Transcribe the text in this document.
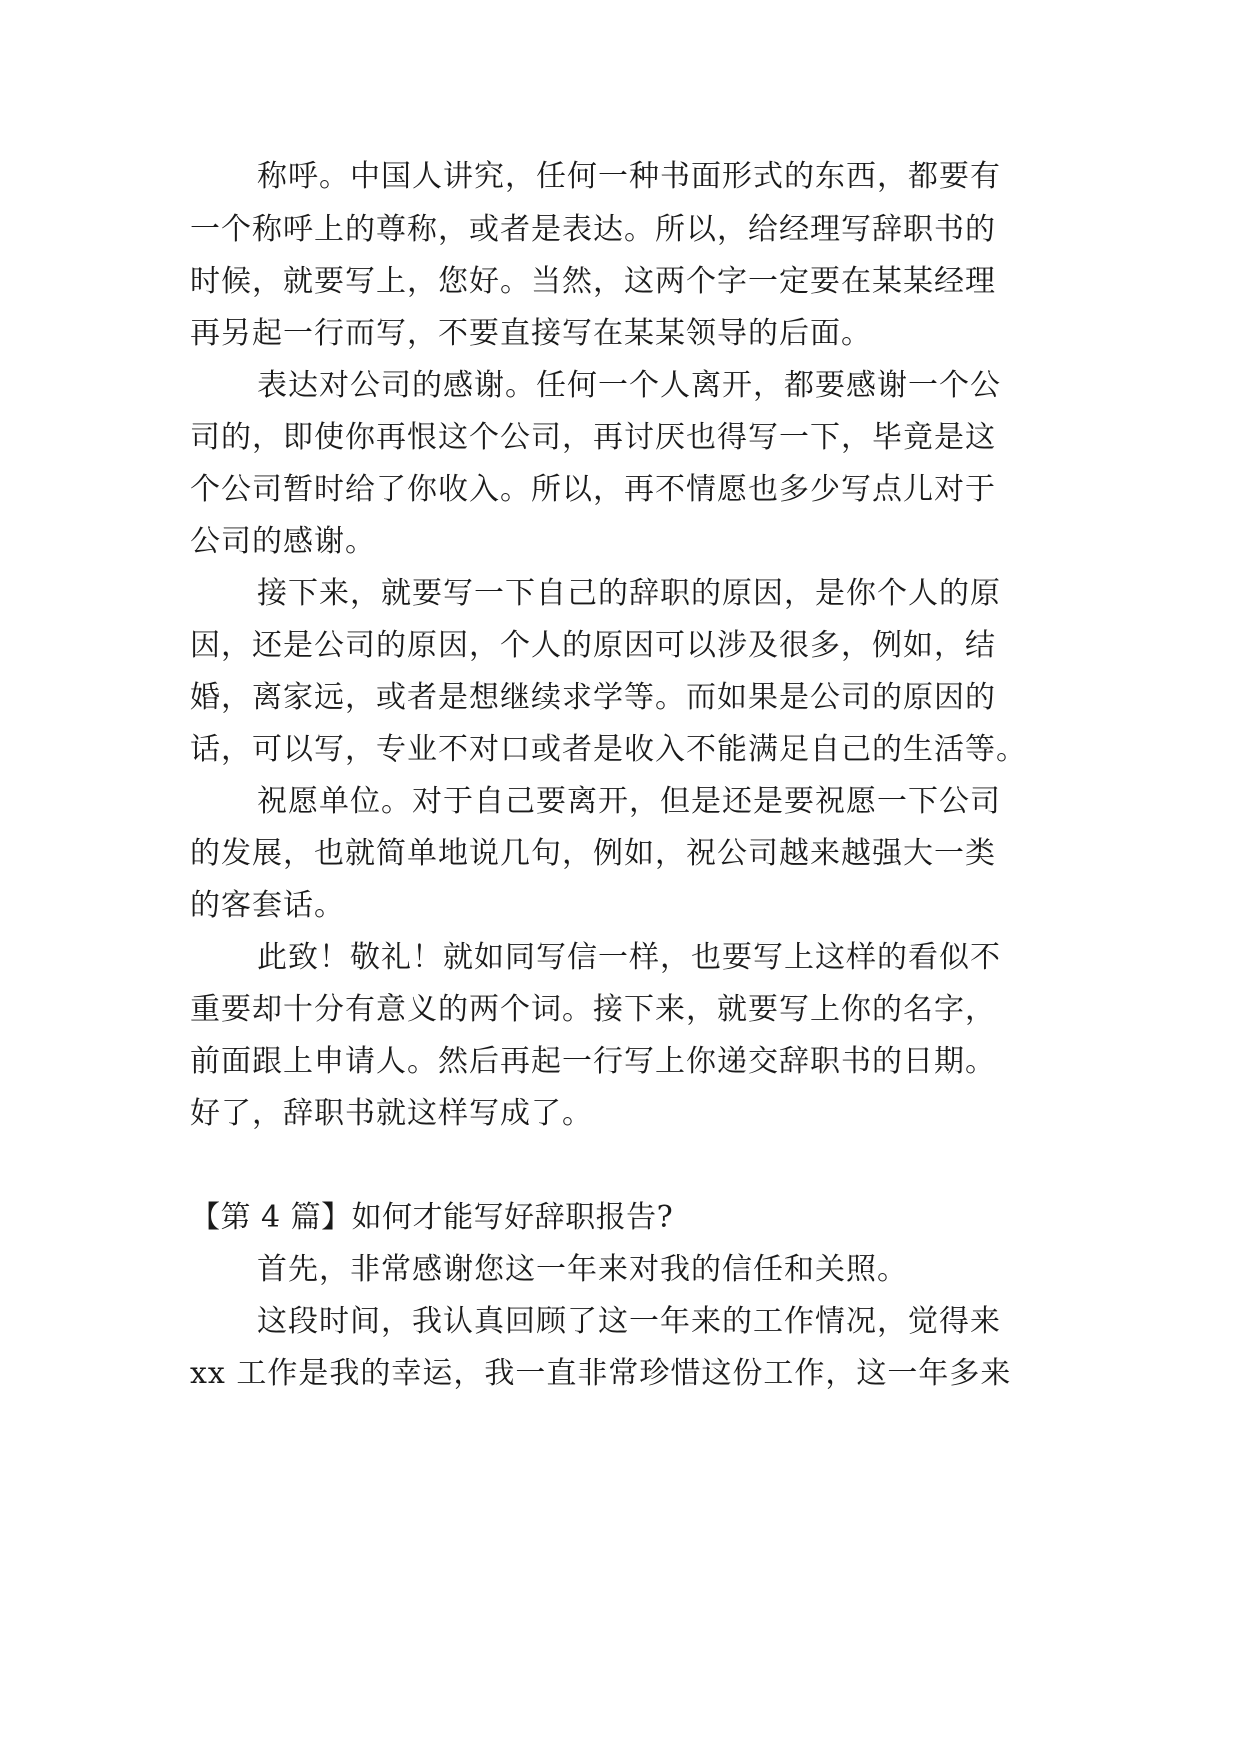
称呼。中国人讲究，任何一种书面形式的东西，都要有

一个称呼上的尊称，或者是表达。所以，给经理写辞职书的

时候，就要写上，您好。当然，这两个字一定要在某某经理

再另起一行而写，不要直接写在某某领导的后面。

表达对公司的感谢。任何一个人离开，都要感谢一个公

司的，即使你再恨这个公司，再讨厌也得写一下，毕竟是这

个公司暂时给了你收入。所以，再不情愿也多少写点儿对于

公司的感谢。

接下来，就要写一下自己的辞职的原因，是你个人的原

因，还是公司的原因，个人的原因可以涉及很多，例如，结

婚，离家远，或者是想继续求学等。而如果是公司的原因的

话，可以写，专业不对口或者是收入不能满足自己的生活等。

祝愿单位。对于自己要离开，但是还是要祝愿一下公司

的发展，也就简单地说几句，例如，祝公司越来越强大一类

的客套话。

此致！敬礼！就如同写信一样，也要写上这样的看似不

重要却十分有意义的两个词。接下来，就要写上你的名字，

前面跟上申请人。然后再起一行写上你递交辞职书的日期。

好了，辞职书就这样写成了。

【第 4 篇】如何才能写好辞职报告?

首先，非常感谢您这一年来对我的信任和关照。

这段时间，我认真回顾了这一年来的工作情况，觉得来

xx 工作是我的幸运，我一直非常珍惜这份工作，这一年多来
